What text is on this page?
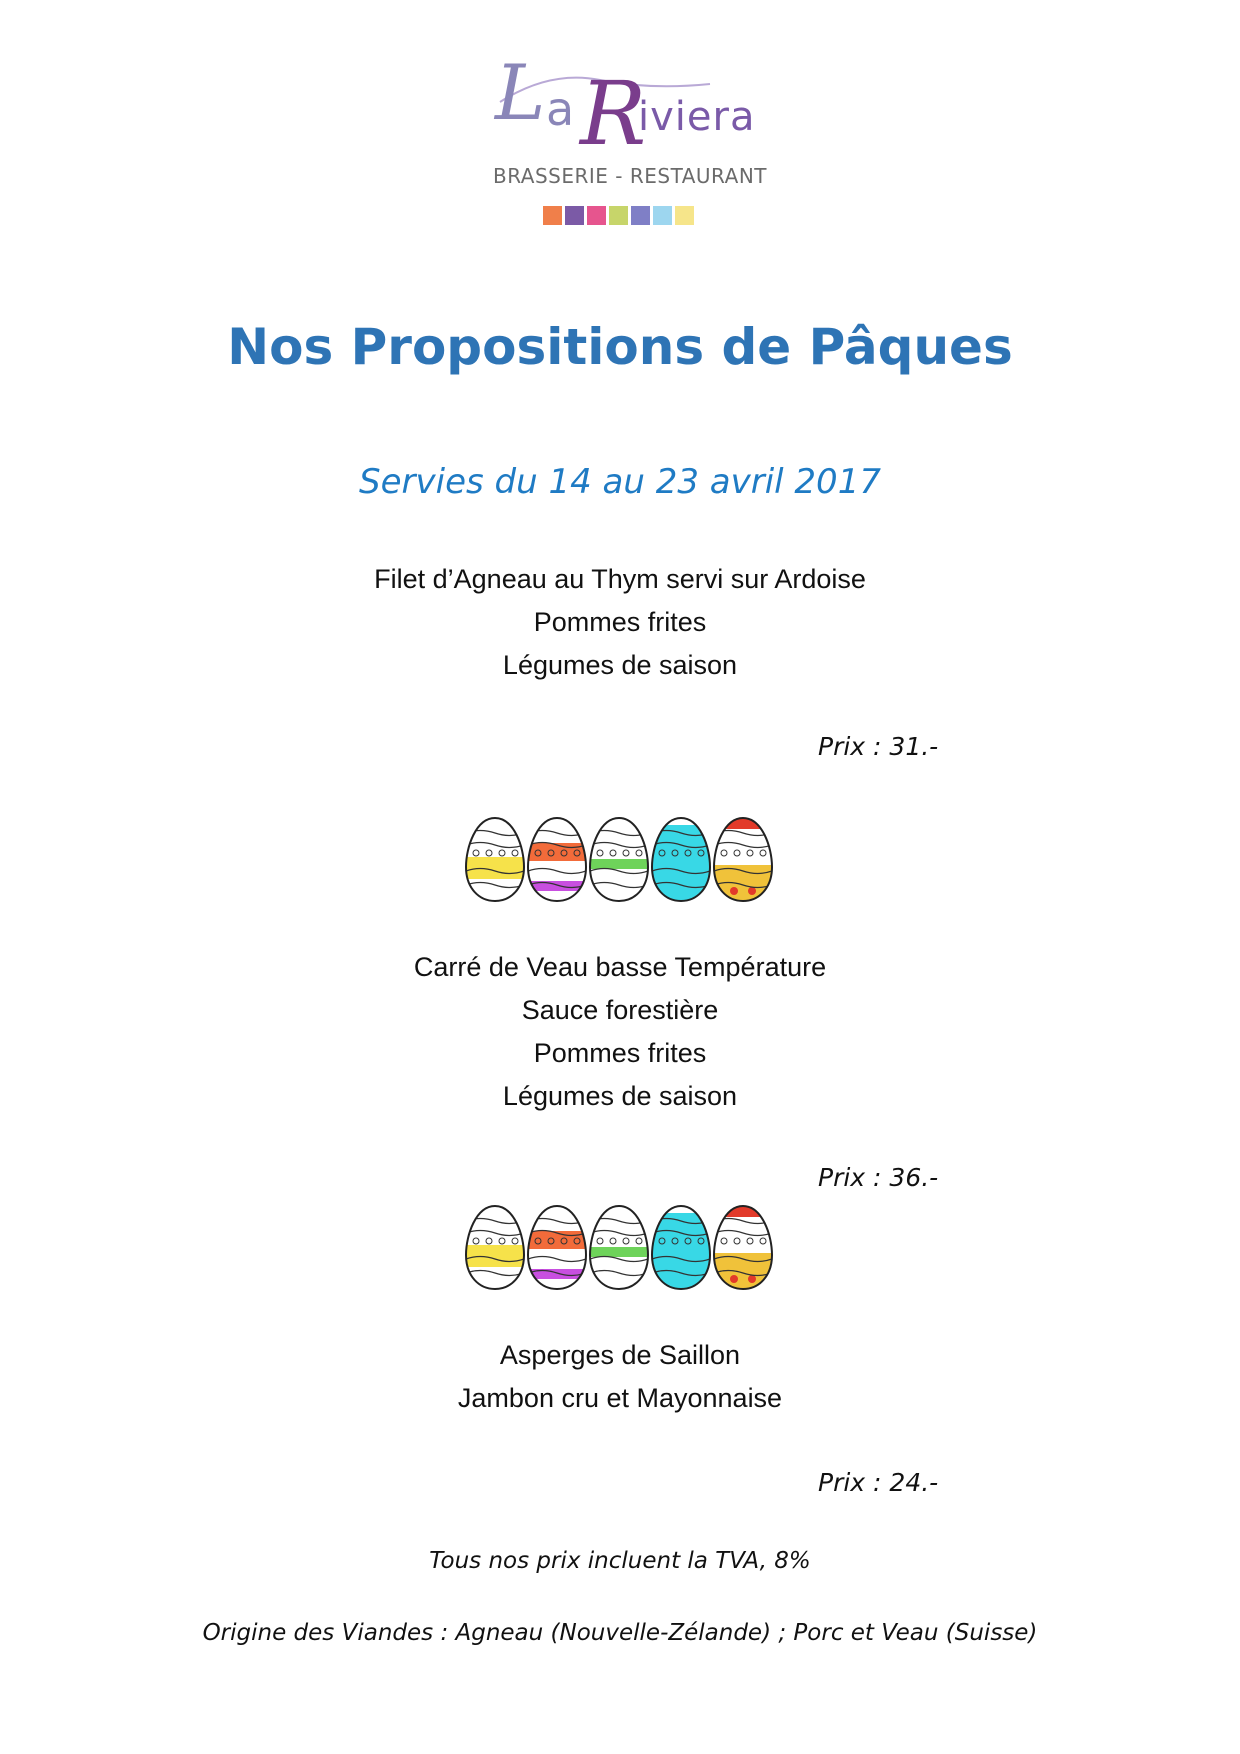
L a R
iviera
BRASSERIE - RESTAURANT
Nos Propositions de Pâques
Servies du 14 au 23 avril 2017
Filet d’Agneau au Thym servi sur Ardoise
Pommes frites
Légumes de saison
Prix : 31.-
Carré de Veau basse Température
Sauce forestière
Pommes frites
Légumes de saison
Prix : 36.-
Asperges de Saillon
Jambon cru et Mayonnaise
Prix : 24.-
Tous nos prix incluent la TVA, 8%
Origine des Viandes : Agneau (Nouvelle-Zélande) ; Porc et Veau (Suisse)
